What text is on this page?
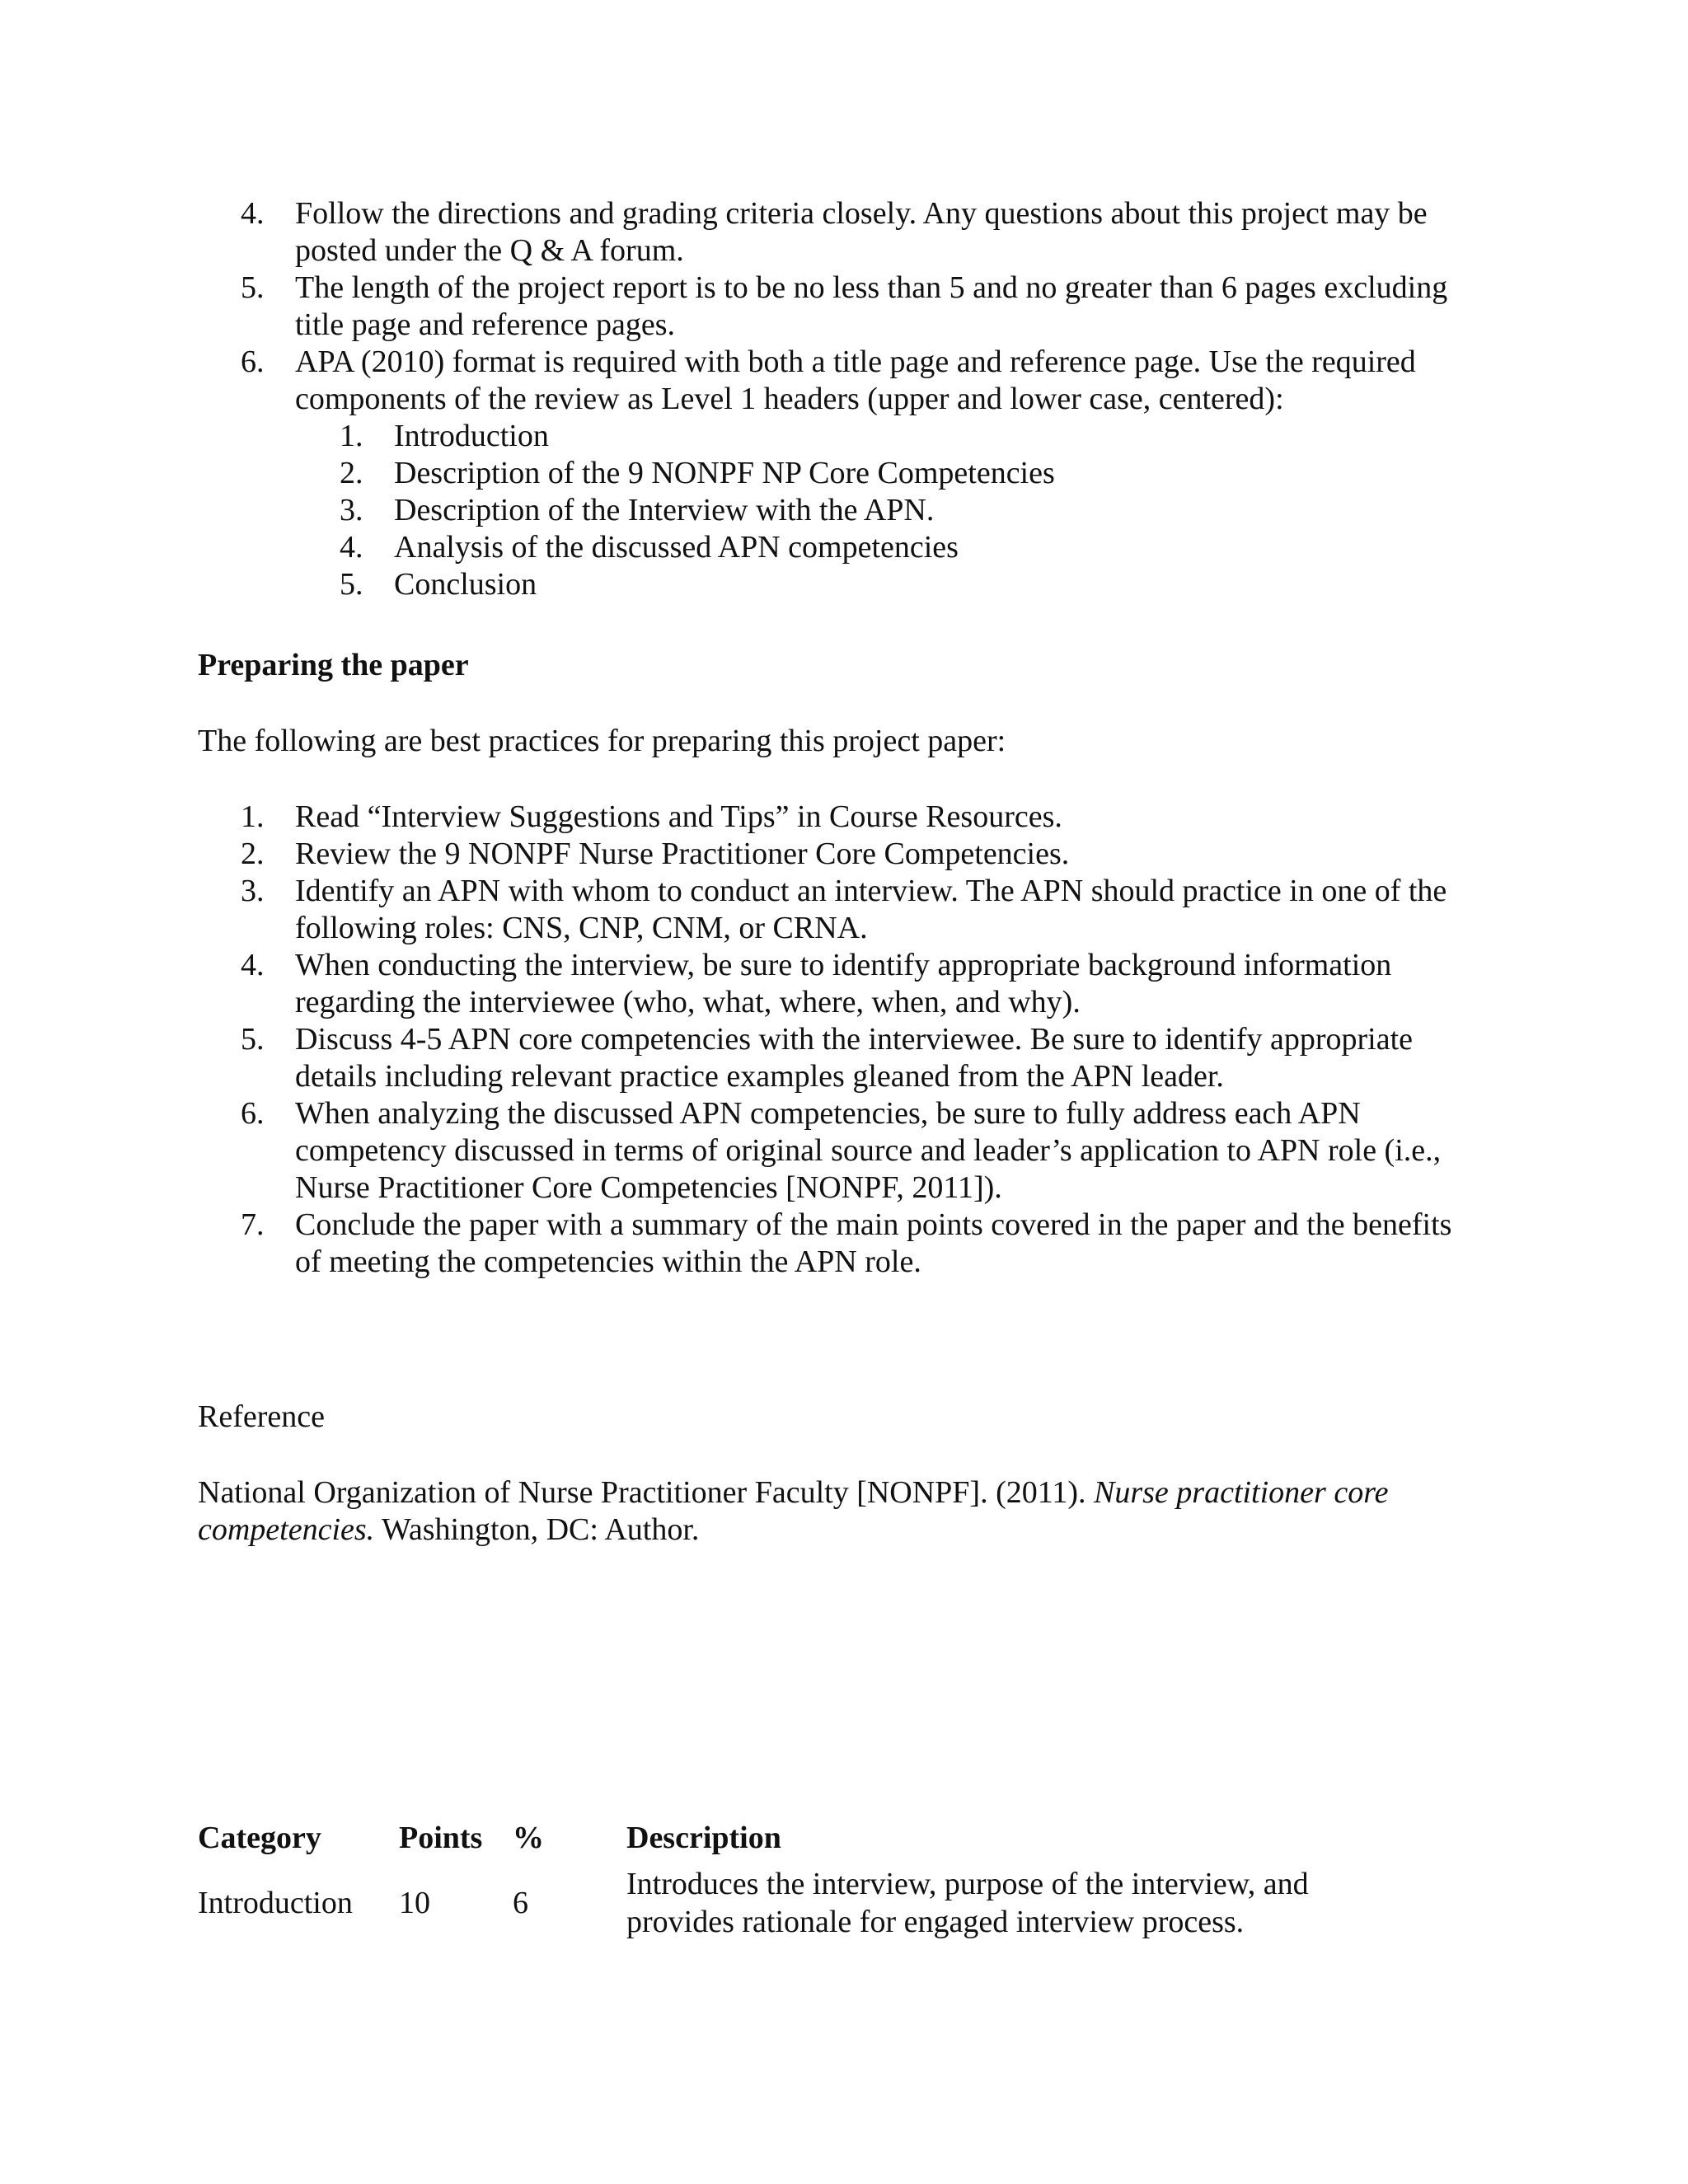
4. Follow the directions and grading criteria closely. Any questions about this project may be posted under the Q & A forum.
5. The length of the project report is to be no less than 5 and no greater than 6 pages excluding title page and reference pages.
6. APA (2010) format is required with both a title page and reference page. Use the required components of the review as Level 1 headers (upper and lower case, centered):
1. Introduction
2. Description of the 9 NONPF NP Core Competencies
3. Description of the Interview with the APN.
4. Analysis of the discussed APN competencies
5. Conclusion
Preparing the paper
The following are best practices for preparing this project paper:
1. Read “Interview Suggestions and Tips” in Course Resources.
2. Review the 9 NONPF Nurse Practitioner Core Competencies.
3. Identify an APN with whom to conduct an interview. The APN should practice in one of the following roles: CNS, CNP, CNM, or CRNA.
4. When conducting the interview, be sure to identify appropriate background information regarding the interviewee (who, what, where, when, and why).
5. Discuss 4-5 APN core competencies with the interviewee. Be sure to identify appropriate details including relevant practice examples gleaned from the APN leader.
6. When analyzing the discussed APN competencies, be sure to fully address each APN competency discussed in terms of original source and leader’s application to APN role (i.e., Nurse Practitioner Core Competencies [NONPF, 2011]).
7. Conclude the paper with a summary of the main points covered in the paper and the benefits of meeting the competencies within the APN role.
Reference
National Organization of Nurse Practitioner Faculty [NONPF]. (2011). Nurse practitioner core competencies. Washington, DC: Author.
Category	Points	%	Description
Introduction	10	6	Introduces the interview, purpose of the interview, and provides rationale for engaged interview process.
